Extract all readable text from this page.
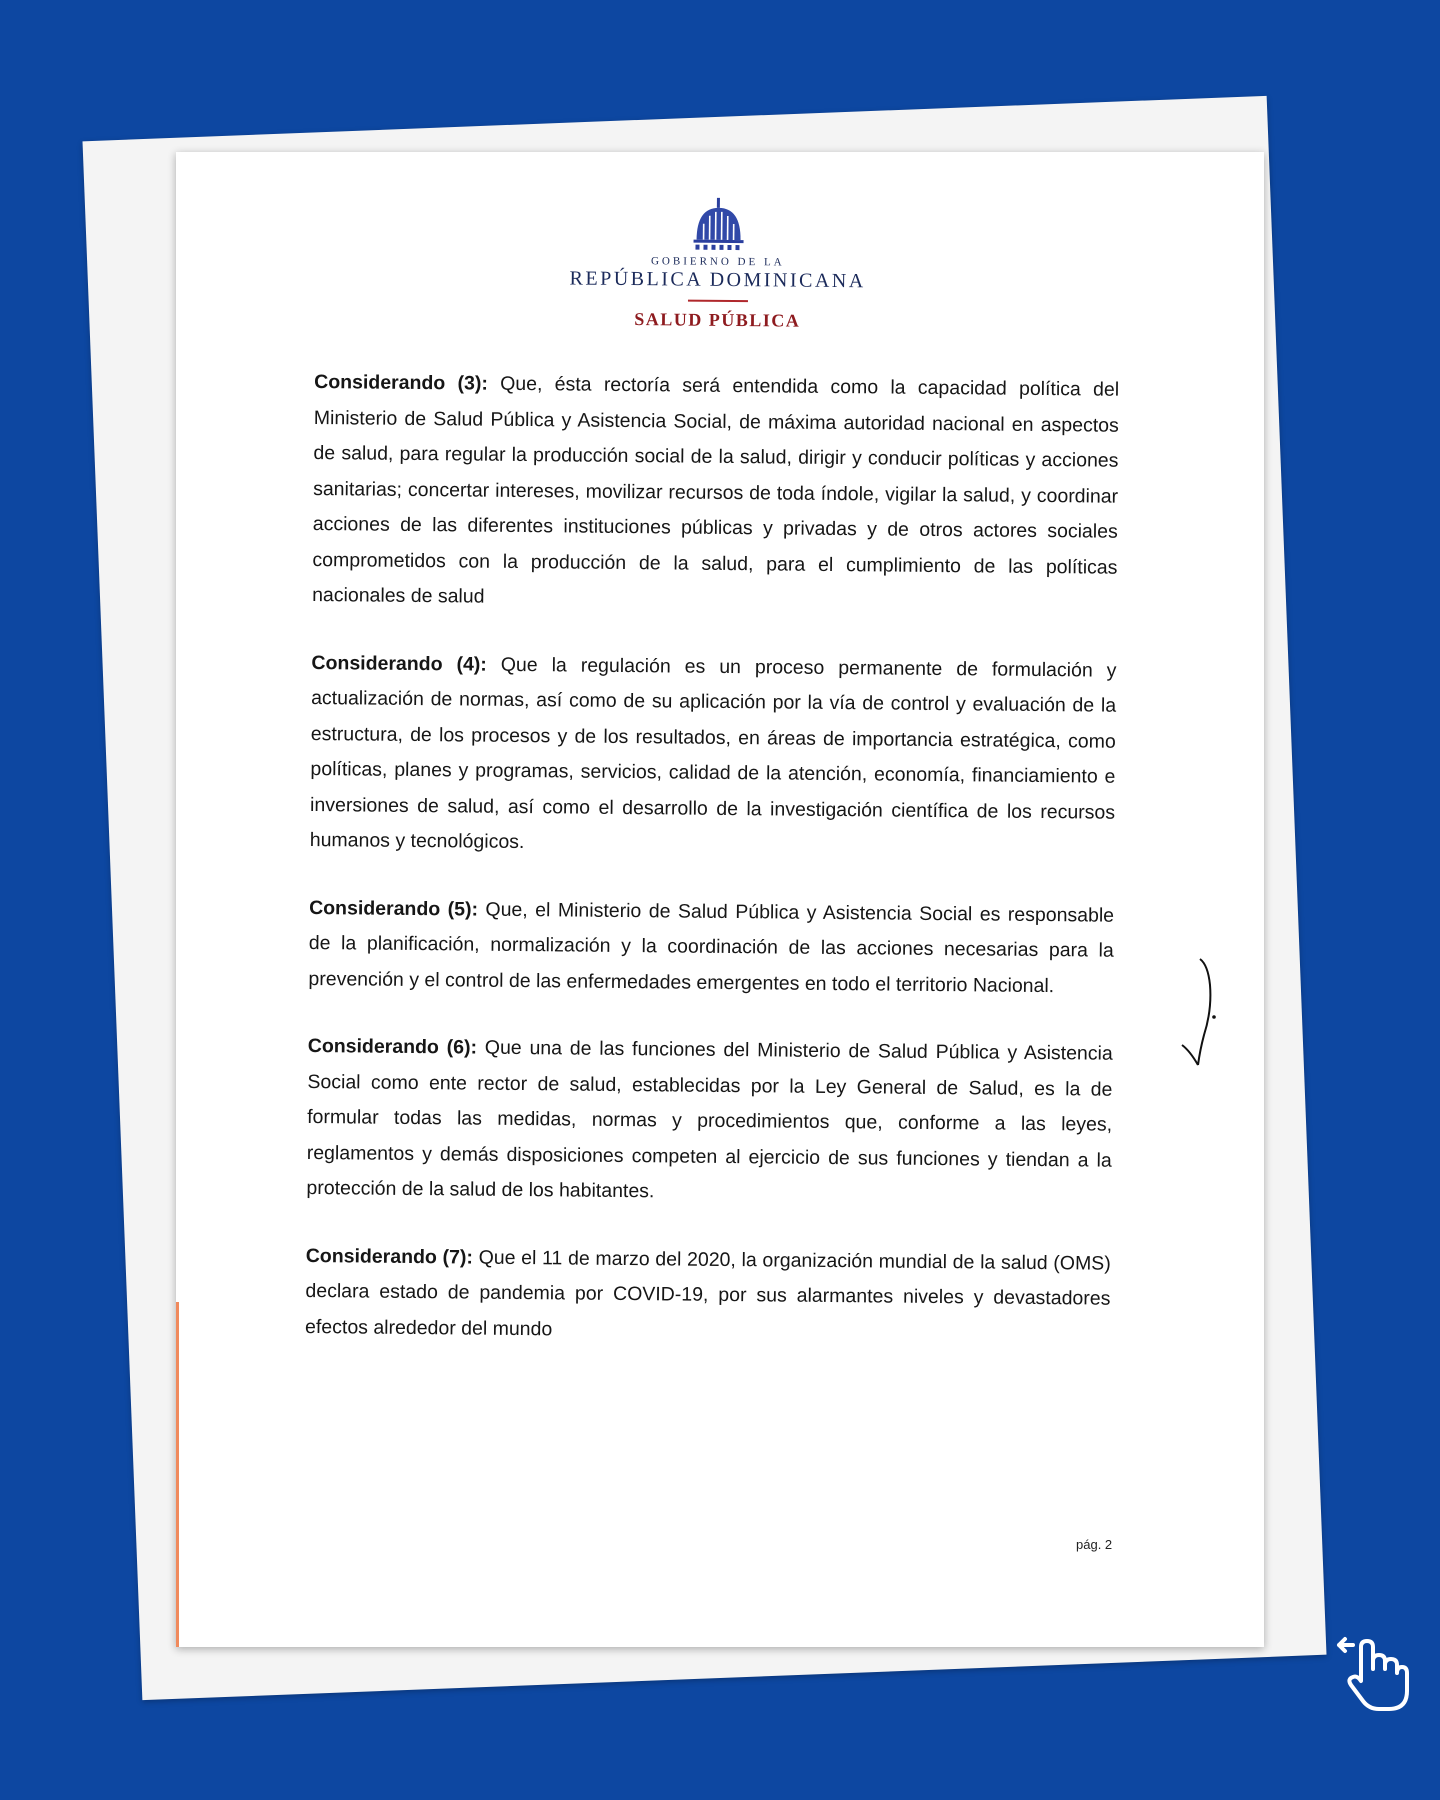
GOBIERNO DE LA
REPÚBLICA DOMINICANA
SALUD PÚBLICA

Considerando (3): Que, ésta rectoría será entendida como la capacidad política del Ministerio de Salud Pública y Asistencia Social, de máxima autoridad nacional en aspectos de salud, para regular la producción social de la salud, dirigir y conducir políticas y acciones sanitarias; concertar intereses, movilizar recursos de toda índole, vigilar la salud, y coordinar acciones de las diferentes instituciones públicas y privadas y de otros actores sociales comprometidos con la producción de la salud, para el cumplimiento de las políticas nacionales de salud

Considerando (4): Que la regulación es un proceso permanente de formulación y actualización de normas, así como de su aplicación por la vía de control y evaluación de la estructura, de los procesos y de los resultados, en áreas de importancia estratégica, como políticas, planes y programas, servicios, calidad de la atención, economía, financiamiento e inversiones de salud, así como el desarrollo de la investigación científica de los recursos humanos y tecnológicos.

Considerando (5): Que, el Ministerio de Salud Pública y Asistencia Social es responsable de la planificación, normalización y la coordinación de las acciones necesarias para la prevención y el control de las enfermedades emergentes en todo el territorio Nacional.

Considerando (6): Que una de las funciones del Ministerio de Salud Pública y Asistencia Social como ente rector de salud, establecidas por la Ley General de Salud, es la de formular todas las medidas, normas y procedimientos que, conforme a las leyes, reglamentos y demás disposiciones competen al ejercicio de sus funciones y tiendan a la protección de la salud de los habitantes.

Considerando (7): Que el 11 de marzo del 2020, la organización mundial de la salud (OMS) declara estado de pandemia por COVID-19, por sus alarmantes niveles y devastadores efectos alrededor del mundo

pág. 2
